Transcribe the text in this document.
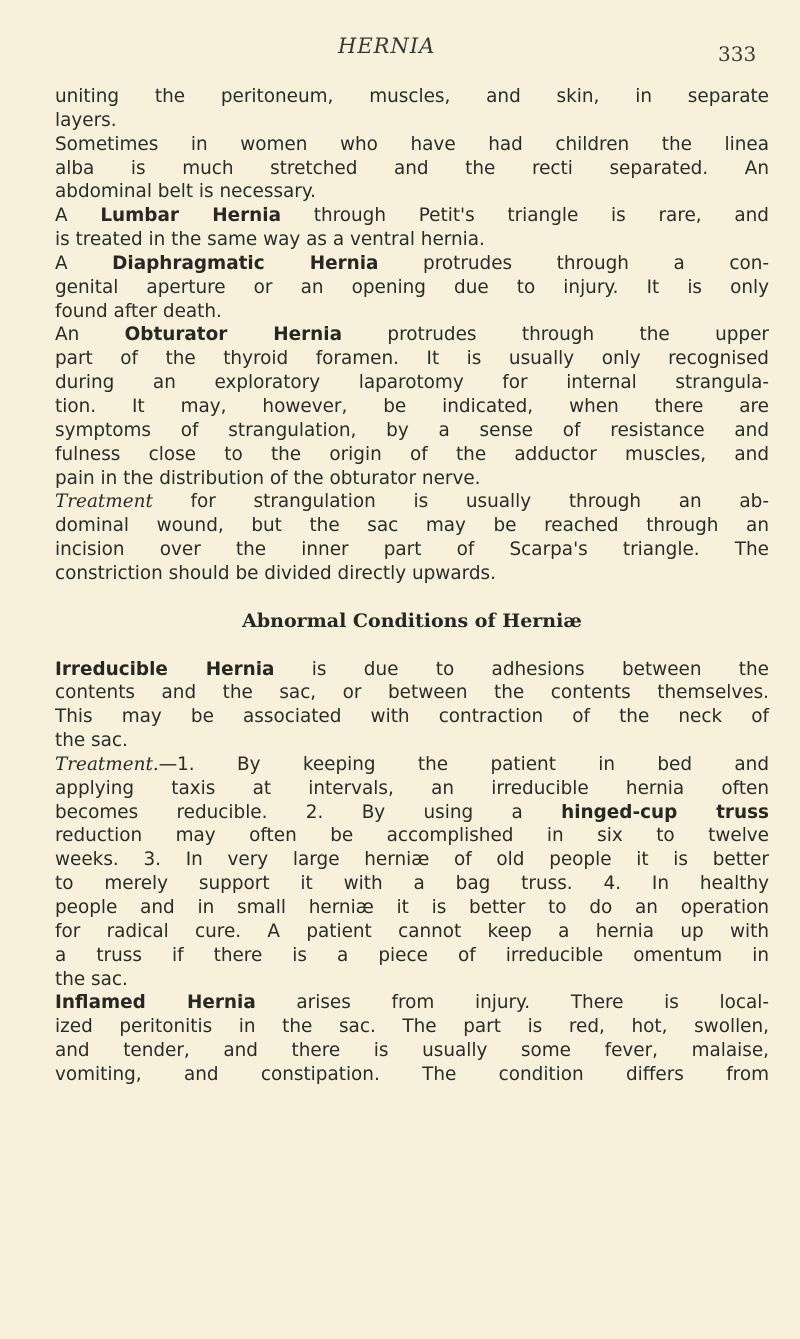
HERNIA	333
uniting the peritoneum, muscles, and skin, in separate
layers.
Sometimes in women who have had children the linea
alba is much stretched and the recti separated. An
abdominal belt is necessary.
A Lumbar Hernia through Petit's triangle is rare, and
is treated in the same way as a ventral hernia.
A Diaphragmatic Hernia protrudes through a con-
genital aperture or an opening due to injury. It is only
found after death.
An Obturator Hernia protrudes through the upper
part of the thyroid foramen. It is usually only recognised
during an exploratory laparotomy for internal strangula-
tion. It may, however, be indicated, when there are
symptoms of strangulation, by a sense of resistance and
fulness close to the origin of the adductor muscles, and
pain in the distribution of the obturator nerve.
Treatment for strangulation is usually through an ab-
dominal wound, but the sac may be reached through an
incision over the inner part of Scarpa's triangle. The
constriction should be divided directly upwards.
Abnormal Conditions of Herniæ
Irreducible Hernia is due to adhesions between the
contents and the sac, or between the contents themselves.
This may be associated with contraction of the neck of
the sac.
Treatment.—1. By keeping the patient in bed and
applying taxis at intervals, an irreducible hernia often
becomes reducible. 2. By using a hinged-cup truss
reduction may often be accomplished in six to twelve
weeks. 3. In very large herniæ of old people it is better
to merely support it with a bag truss. 4. In healthy
people and in small herniæ it is better to do an operation
for radical cure. A patient cannot keep a hernia up with
a truss if there is a piece of irreducible omentum in
the sac.
Inflamed Hernia arises from injury. There is local-
ized peritonitis in the sac. The part is red, hot, swollen,
and tender, and there is usually some fever, malaise,
vomiting, and constipation. The condition differs from
